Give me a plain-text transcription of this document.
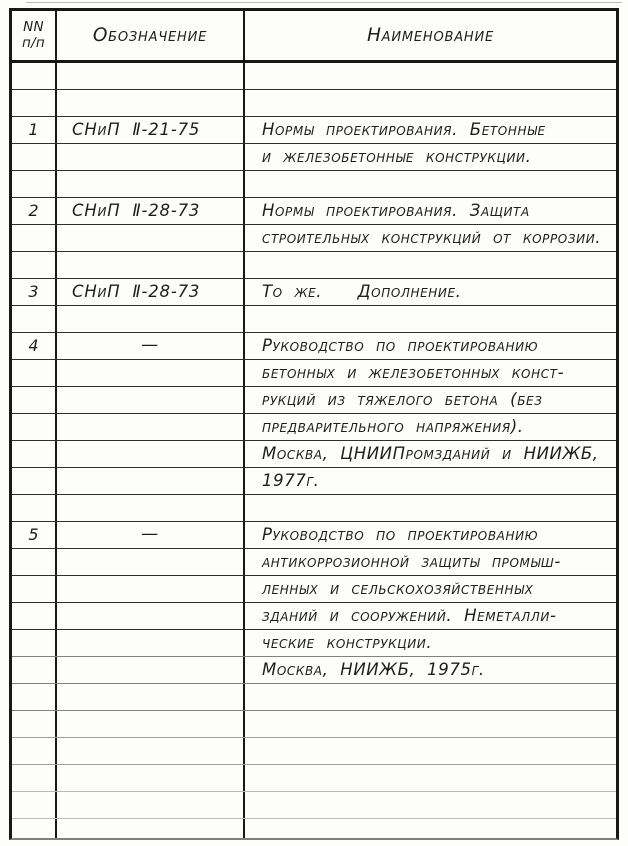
NN
п/п	Обозначение	Наименование
1	СНиП Ⅱ-21-75	Нормы проектирования. Бетонные
и железобетонные конструкции.
2	СНиП Ⅱ-28-73	Нормы проектирования. Защита
строительных конструкций от коррозии.
3	СНиП Ⅱ-28-73	То же.   Дополнение.
4	—	Руководство по проектированию
бетонных и железобетонных конст-
рукций из тяжелого бетона (без
предварительного напряжения).
Москва, ЦНИИПромзданий и НИИЖБ,
1977г.
5	—	Руководство по проектированию
антикоррозионной защиты промыш-
ленных и сельскохозяйственных
зданий и сооружений. Неметалли-
ческие конструкции.
Москва, НИИЖБ, 1975г.
